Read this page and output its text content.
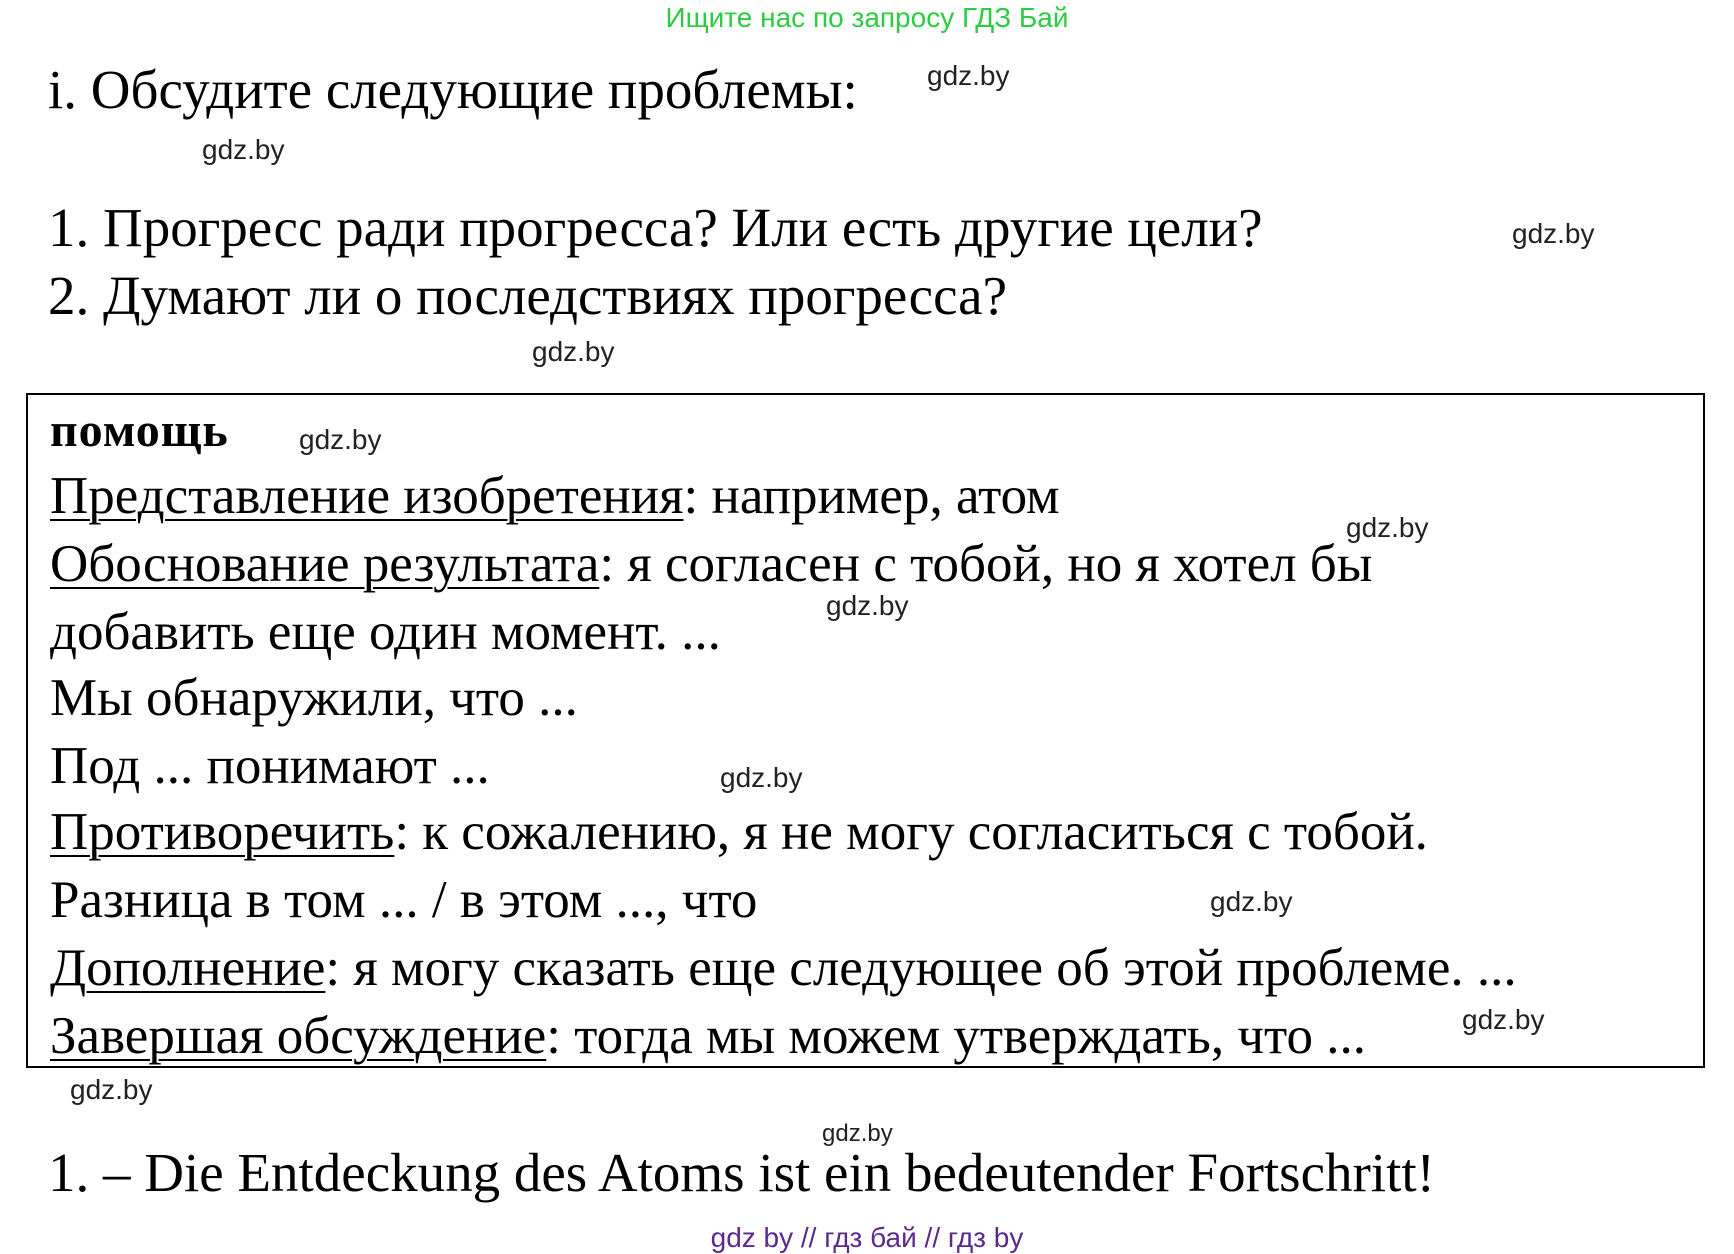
Ищите нас по запросу ГДЗ Бай
i. Обсудите следующие проблемы: gdz.by
gdz.by
1. Прогресс ради прогресса? Или есть другие цели?	gdz.by
2. Думают ли о последствиях прогресса?
gdz.by
помощь	gdz.by
Представление изобретения: например, атом
gdz.by
Обоснование результата: я согласен с тобой, но я хотел бы
gdz.by
добавить еще один момент. ...
Мы обнаружили, что ...
Под ... понимают ...	gdz.by
Противоречить: к сожалению, я не могу согласиться с тобой.
Разница в том ... / в этом ..., что	gdz.by
Дополнение: я могу сказать еще следующее об этой проблеме. ...
gdz.by
Завершая обсуждение: тогда мы можем утверждать, что ...
gdz.by
gdz.by
1. – Die Entdeckung des Atoms ist ein bedeutender Fortschritt!
gdz by // гдз бай // гдз by
